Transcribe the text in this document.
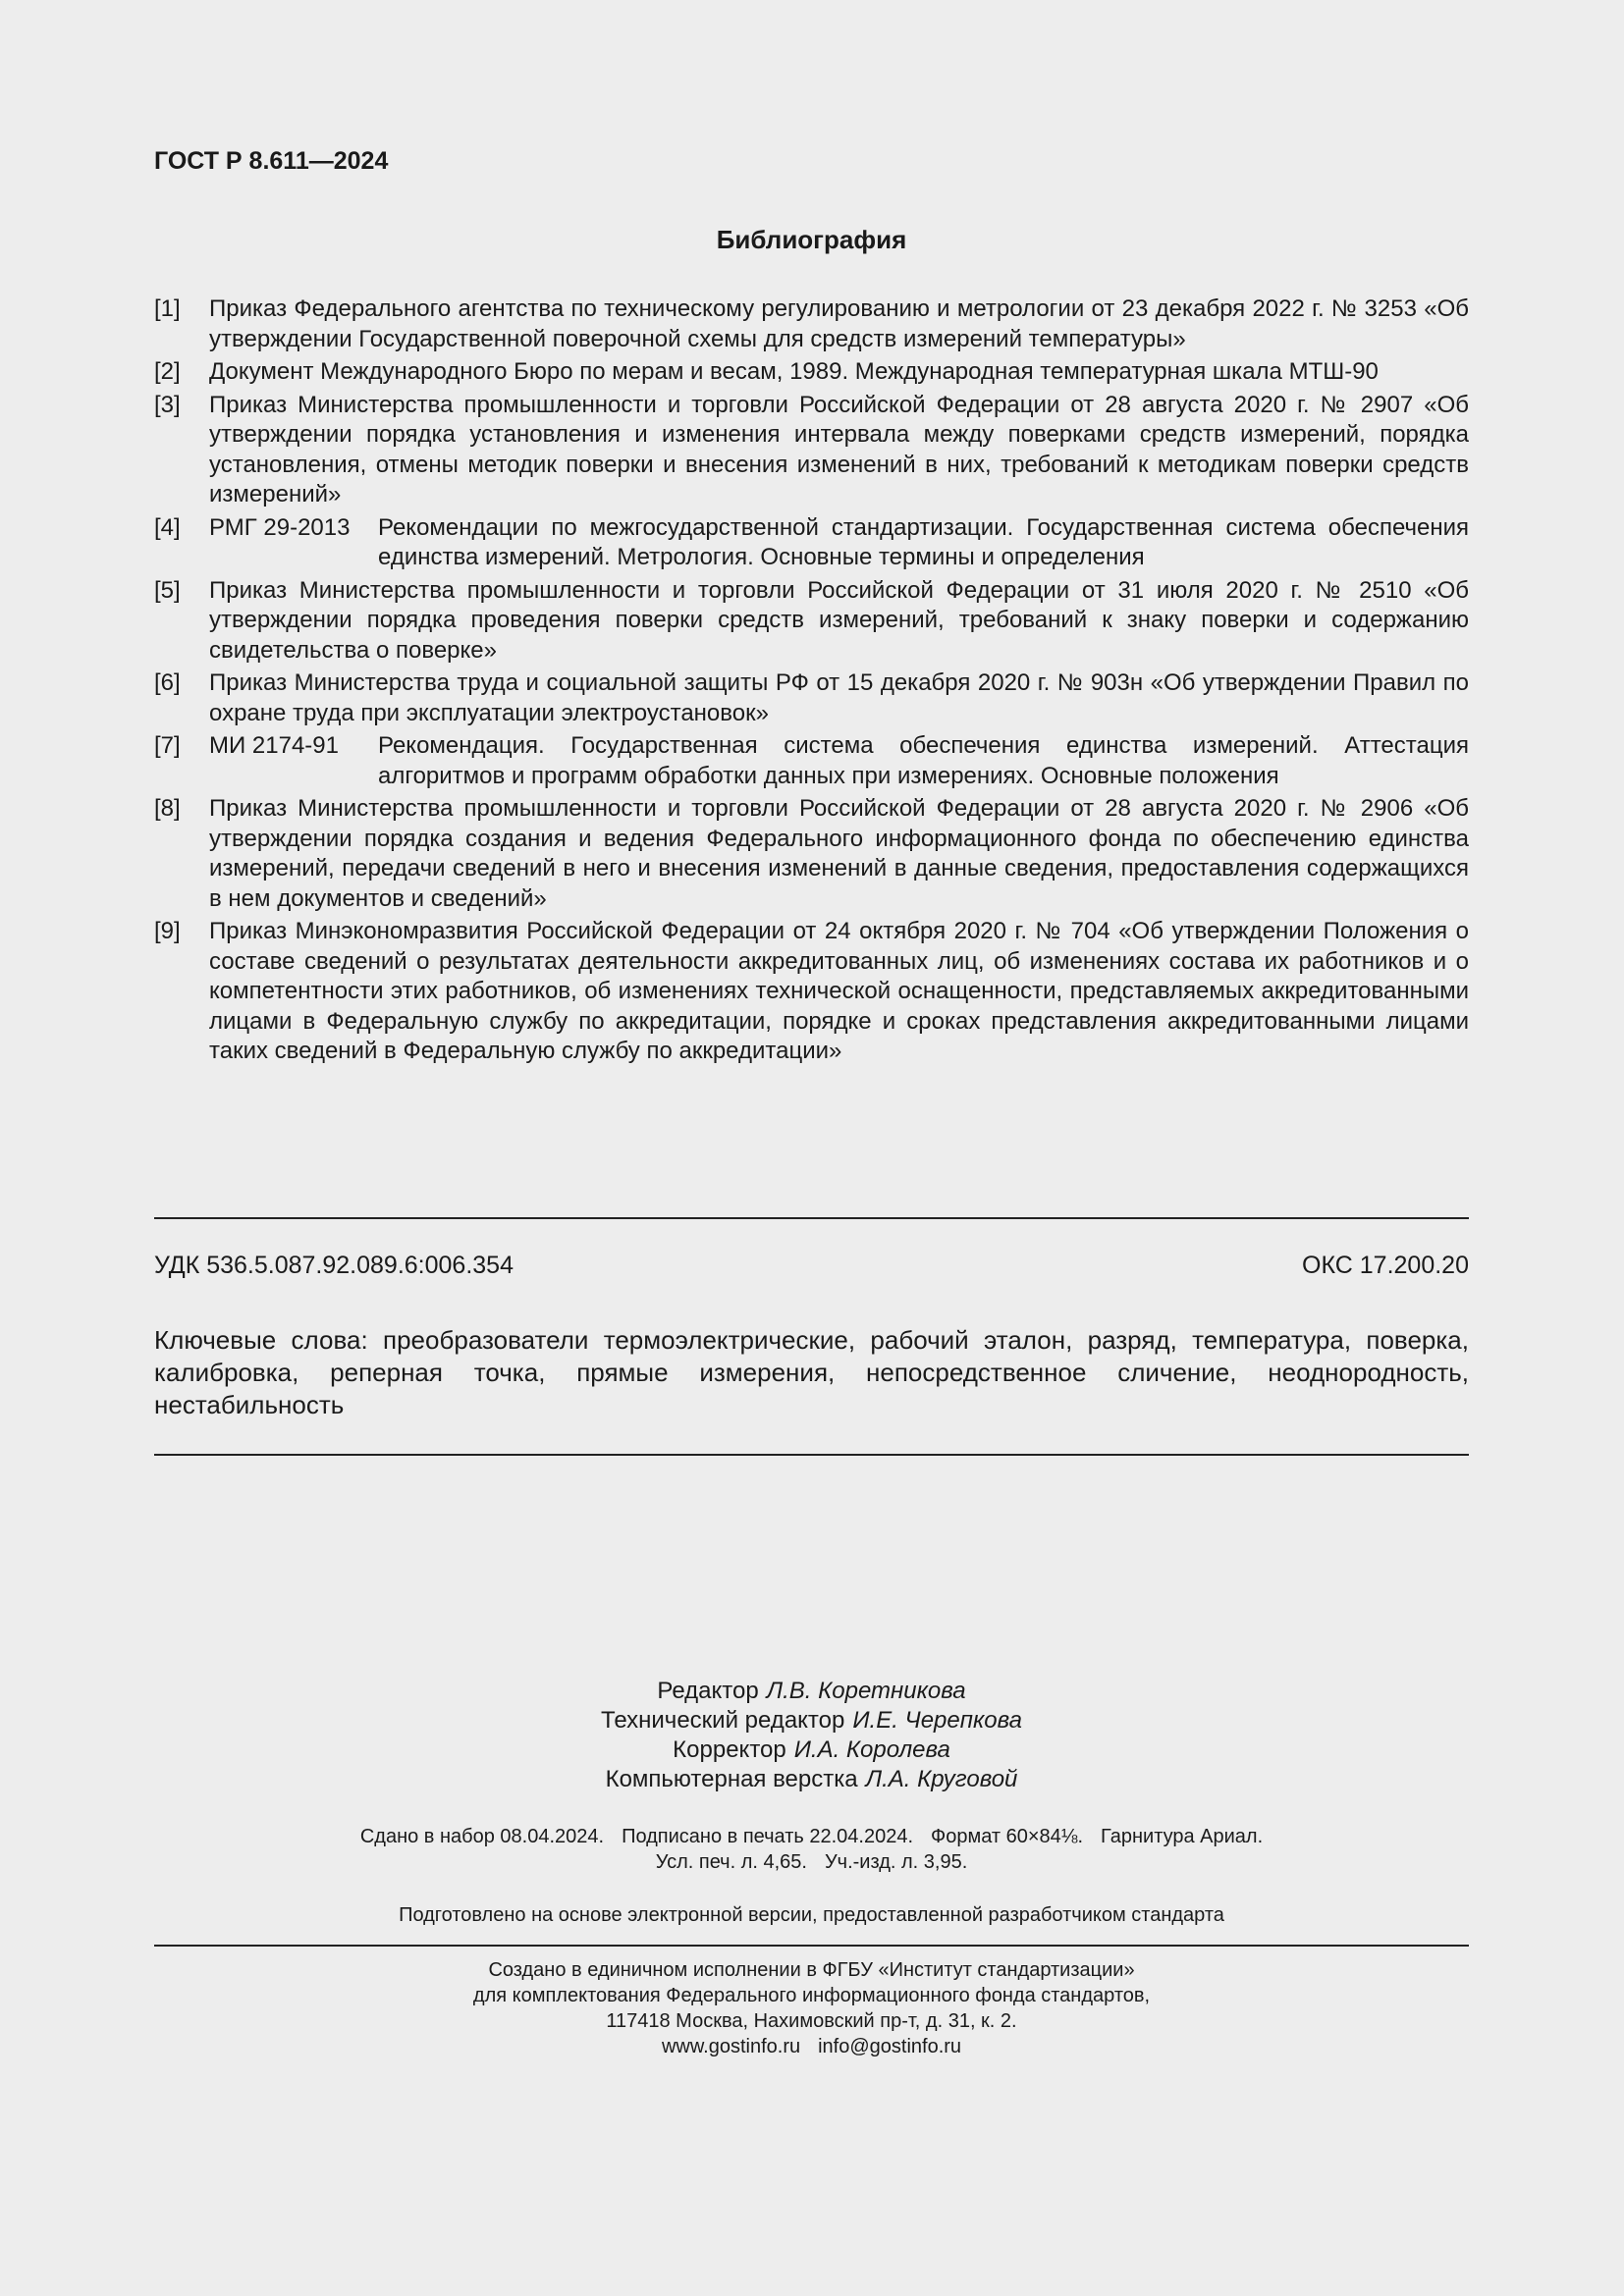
ГОСТ Р 8.611—2024
Библиография
[1]	Приказ Федерального агентства по техническому регулированию и метрологии от 23 декабря 2022 г. № 3253 «Об утверждении Государственной поверочной схемы для средств измерений температуры»
[2]	Документ Международного Бюро по мерам и весам, 1989. Международная температурная шкала МТШ-90
[3]	Приказ Министерства промышленности и торговли Российской Федерации от 28 августа 2020 г. № 2907 «Об утверждении порядка установления и изменения интервала между поверками средств измерений, порядка установления, отмены методик поверки и внесения изменений в них, требований к методикам поверки средств измерений»
[4]	РМГ 29-2013	Рекомендации по межгосударственной стандартизации. Государственная система обеспечения единства измерений. Метрология. Основные термины и определения
[5]	Приказ Министерства промышленности и торговли Российской Федерации от 31 июля 2020 г. № 2510 «Об утверждении порядка проведения поверки средств измерений, требований к знаку поверки и содержанию свидетельства о поверке»
[6]	Приказ Министерства труда и социальной защиты РФ от 15 декабря 2020 г. № 903н «Об утверждении Правил по охране труда при эксплуатации электроустановок»
[7]	МИ 2174-91	Рекомендация. Государственная система обеспечения единства измерений. Аттестация алгоритмов и программ обработки данных при измерениях. Основные положения
[8]	Приказ Министерства промышленности и торговли Российской Федерации от 28 августа 2020 г. № 2906 «Об утверждении порядка создания и ведения Федерального информационного фонда по обеспечению единства измерений, передачи сведений в него и внесения изменений в данные сведения, предоставления содержащихся в нем документов и сведений»
[9]	Приказ Минэкономразвития Российской Федерации от 24 октября 2020 г. № 704 «Об утверждении Положения о составе сведений о результатах деятельности аккредитованных лиц, об изменениях состава их работников и о компетентности этих работников, об изменениях технической оснащенности, представляемых аккредитованными лицами в Федеральную службу по аккредитации, порядке и сроках представления аккредитованными лицами таких сведений в Федеральную службу по аккредитации»
УДК 536.5.087.92.089.6:006.354	ОКС 17.200.20
Ключевые слова: преобразователи термоэлектрические, рабочий эталон, разряд, температура, поверка, калибровка, реперная точка, прямые измерения, непосредственное сличение, неоднородность, нестабильность
Редактор Л.В. Коретникова
Технический редактор И.Е. Черепкова
Корректор И.А. Королева
Компьютерная верстка Л.А. Круговой
Сдано в набор 08.04.2024. Подписано в печать 22.04.2024. Формат 60×84⅛. Гарнитура Ариал.
Усл. печ. л. 4,65. Уч.-изд. л. 3,95.
Подготовлено на основе электронной версии, предоставленной разработчиком стандарта
Создано в единичном исполнении в ФГБУ «Институт стандартизации»
для комплектования Федерального информационного фонда стандартов,
117418 Москва, Нахимовский пр-т, д. 31, к. 2.
www.gostinfo.ru info@gostinfo.ru
